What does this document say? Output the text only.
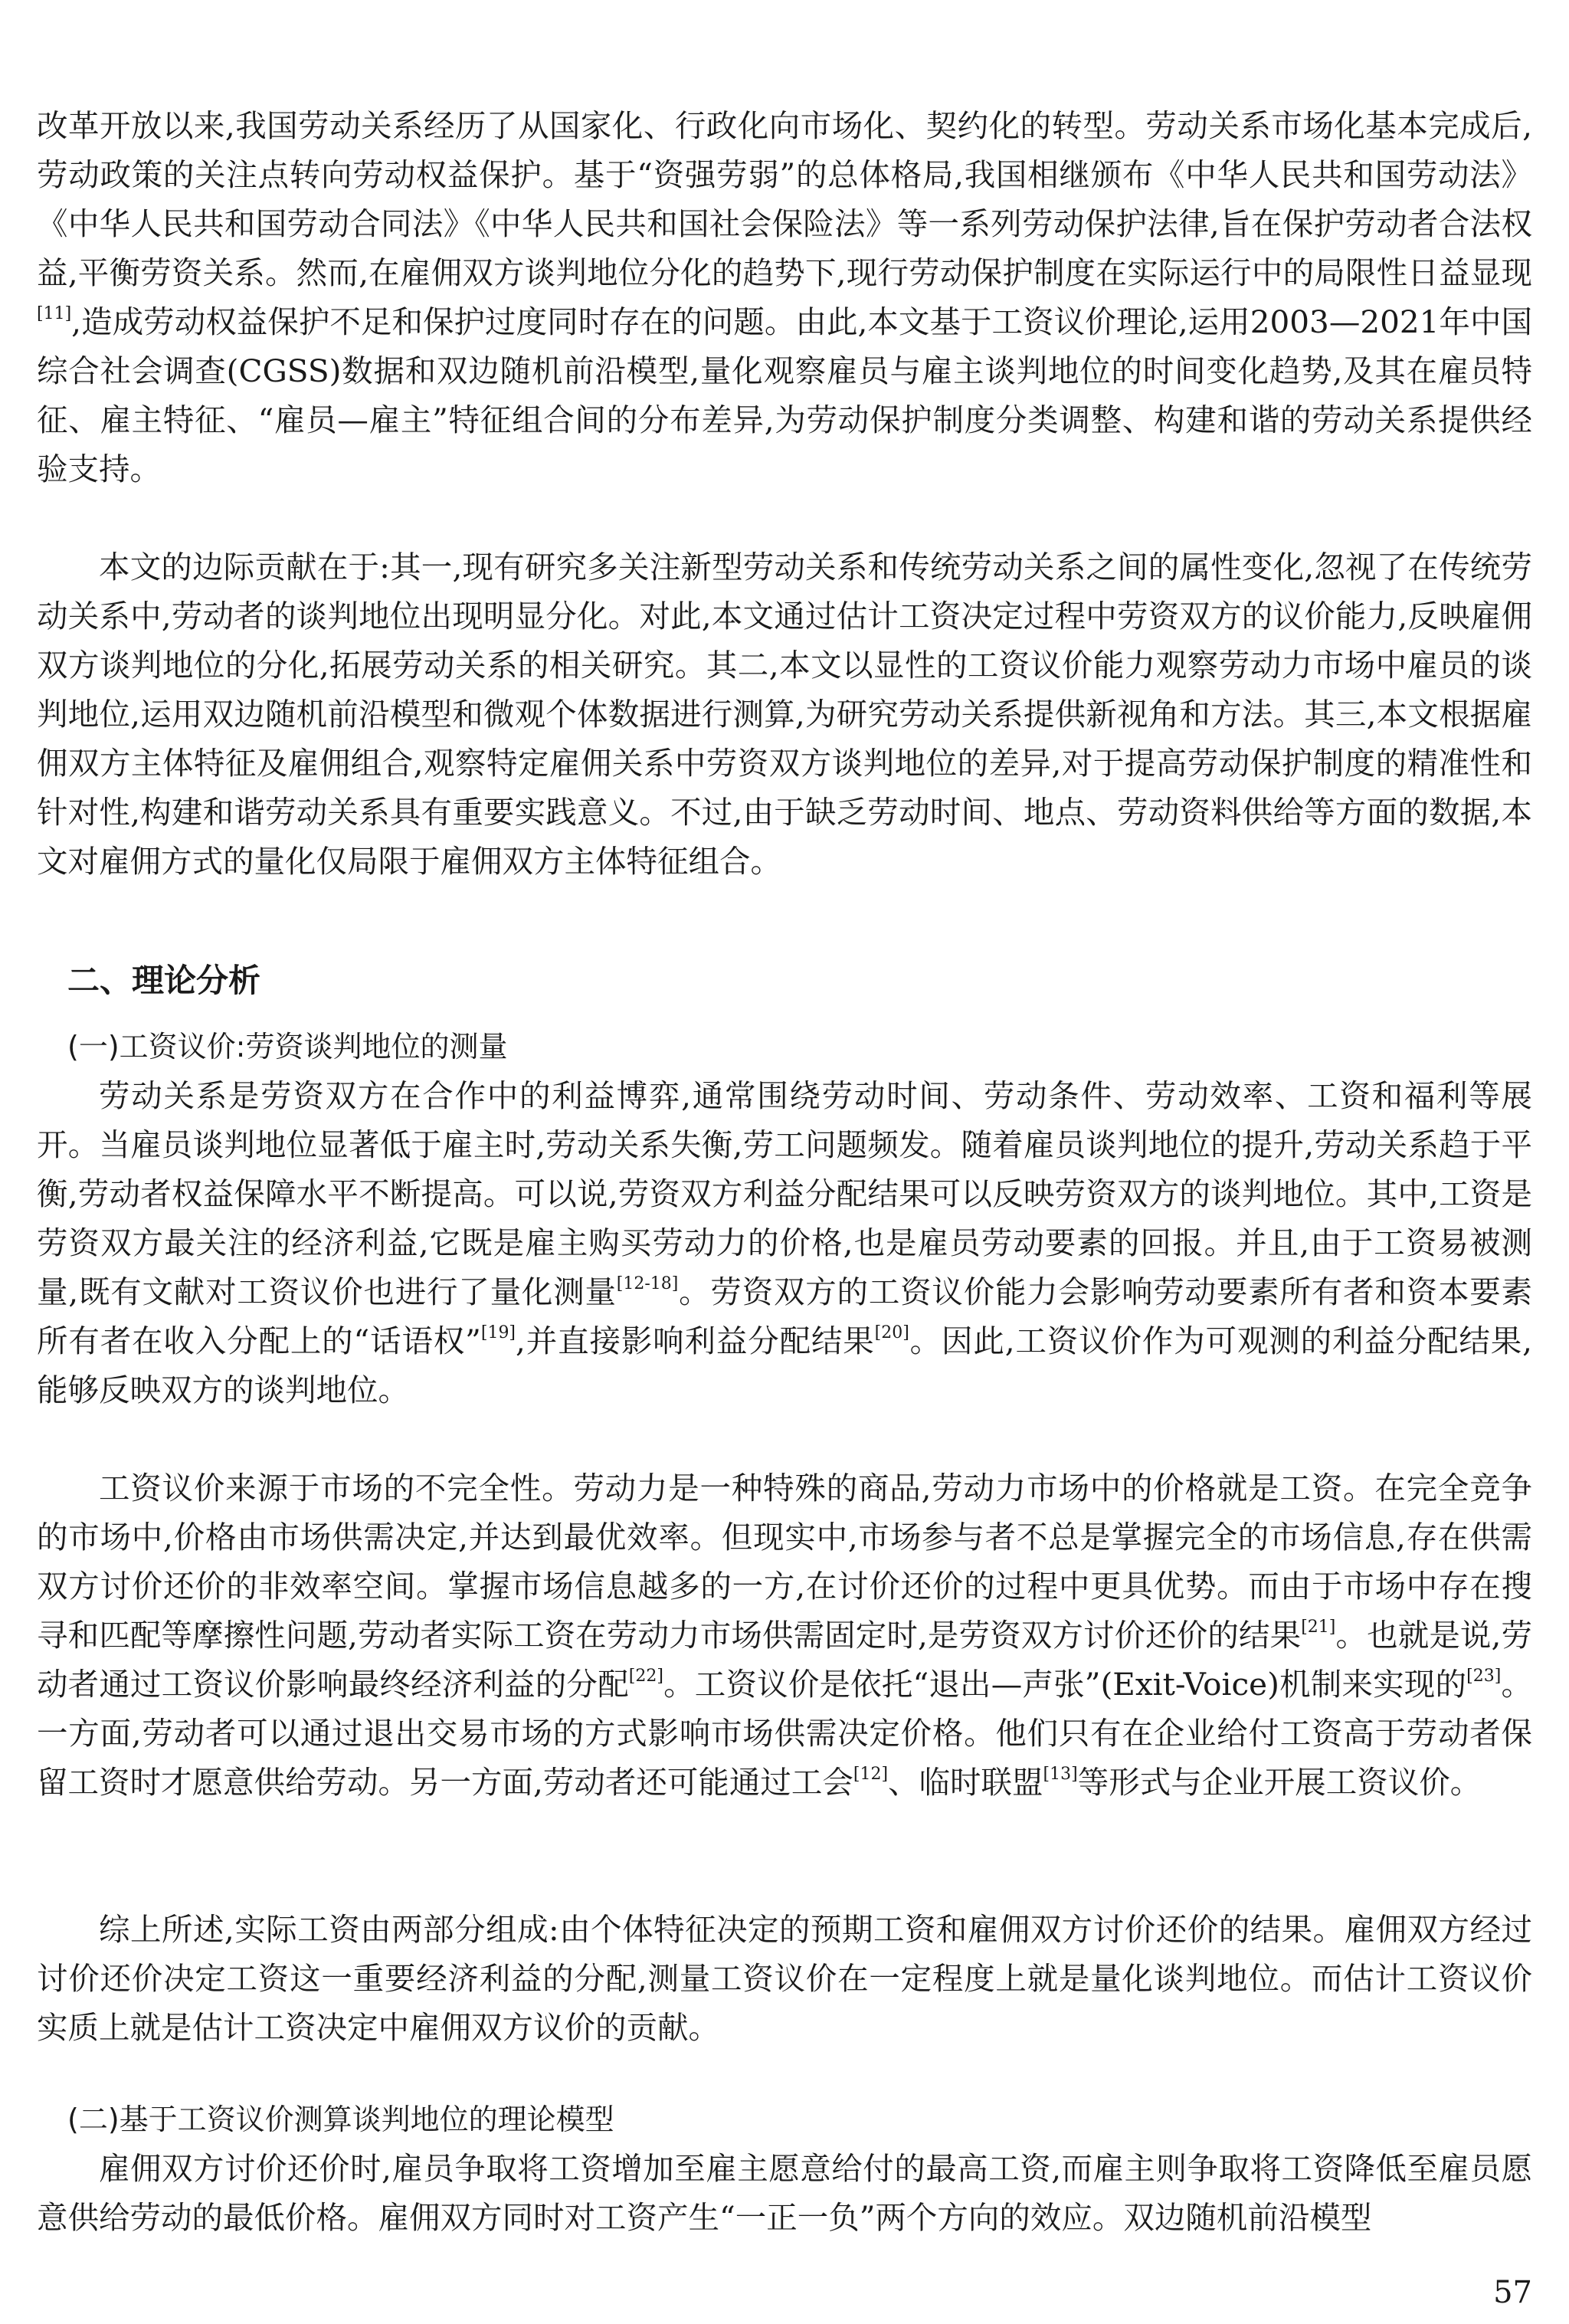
改革开放以来,我国劳动关系经历了从国家化、行政化向市场化、契约化的转型。劳动关系市场化基本完成后,劳动政策的关注点转向劳动权益保护。基于“资强劳弱”的总体格局,我国相继颁布《中华人民共和国劳动法》《中华人民共和国劳动合同法》《中华人民共和国社会保险法》等一系列劳动保护法律,旨在保护劳动者合法权益,平衡劳资关系。然而,在雇佣双方谈判地位分化的趋势下,现行劳动保护制度在实际运行中的局限性日益显现[11],造成劳动权益保护不足和保护过度同时存在的问题。由此,本文基于工资议价理论,运用2003—2021年中国综合社会调查(CGSS)数据和双边随机前沿模型,量化观察雇员与雇主谈判地位的时间变化趋势,及其在雇员特征、雇主特征、“雇员—雇主”特征组合间的分布差异,为劳动保护制度分类调整、构建和谐的劳动关系提供经验支持。

本文的边际贡献在于:其一,现有研究多关注新型劳动关系和传统劳动关系之间的属性变化,忽视了在传统劳动关系中,劳动者的谈判地位出现明显分化。对此,本文通过估计工资决定过程中劳资双方的议价能力,反映雇佣双方谈判地位的分化,拓展劳动关系的相关研究。其二,本文以显性的工资议价能力观察劳动力市场中雇员的谈判地位,运用双边随机前沿模型和微观个体数据进行测算,为研究劳动关系提供新视角和方法。其三,本文根据雇佣双方主体特征及雇佣组合,观察特定雇佣关系中劳资双方谈判地位的差异,对于提高劳动保护制度的精准性和针对性,构建和谐劳动关系具有重要实践意义。不过,由于缺乏劳动时间、地点、劳动资料供给等方面的数据,本文对雇佣方式的量化仅局限于雇佣双方主体特征组合。

二、理论分析
(一)工资议价:劳资谈判地位的测量

劳动关系是劳资双方在合作中的利益博弈,通常围绕劳动时间、劳动条件、劳动效率、工资和福利等展开。当雇员谈判地位显著低于雇主时,劳动关系失衡,劳工问题频发。随着雇员谈判地位的提升,劳动关系趋于平衡,劳动者权益保障水平不断提高。可以说,劳资双方利益分配结果可以反映劳资双方的谈判地位。其中,工资是劳资双方最关注的经济利益,它既是雇主购买劳动力的价格,也是雇员劳动要素的回报。并且,由于工资易被测量,既有文献对工资议价也进行了量化测量[12-18]。劳资双方的工资议价能力会影响劳动要素所有者和资本要素所有者在收入分配上的“话语权”[19],并直接影响利益分配结果[20]。因此,工资议价作为可观测的利益分配结果,能够反映双方的谈判地位。

工资议价来源于市场的不完全性。劳动力是一种特殊的商品,劳动力市场中的价格就是工资。在完全竞争的市场中,价格由市场供需决定,并达到最优效率。但现实中,市场参与者不总是掌握完全的市场信息,存在供需双方讨价还价的非效率空间。掌握市场信息越多的一方,在讨价还价的过程中更具优势。而由于市场中存在搜寻和匹配等摩擦性问题,劳动者实际工资在劳动力市场供需固定时,是劳资双方讨价还价的结果[21]。也就是说,劳动者通过工资议价影响最终经济利益的分配[22]。工资议价是依托“退出—声张”(Exit-Voice)机制来实现的[23]。一方面,劳动者可以通过退出交易市场的方式影响市场供需决定价格。他们只有在企业给付工资高于劳动者保留工资时才愿意供给劳动。另一方面,劳动者还可能通过工会[12]、临时联盟[13]等形式与企业开展工资议价。

综上所述,实际工资由两部分组成:由个体特征决定的预期工资和雇佣双方讨价还价的结果。雇佣双方经过讨价还价决定工资这一重要经济利益的分配,测量工资议价在一定程度上就是量化谈判地位。而估计工资议价实质上就是估计工资决定中雇佣双方议价的贡献。

(二)基于工资议价测算谈判地位的理论模型

雇佣双方讨价还价时,雇员争取将工资增加至雇主愿意给付的最高工资,而雇主则争取将工资降低至雇员愿意供给劳动的最低价格。雇佣双方同时对工资产生“一正一负”两个方向的效应。双边随机前沿模型

57
